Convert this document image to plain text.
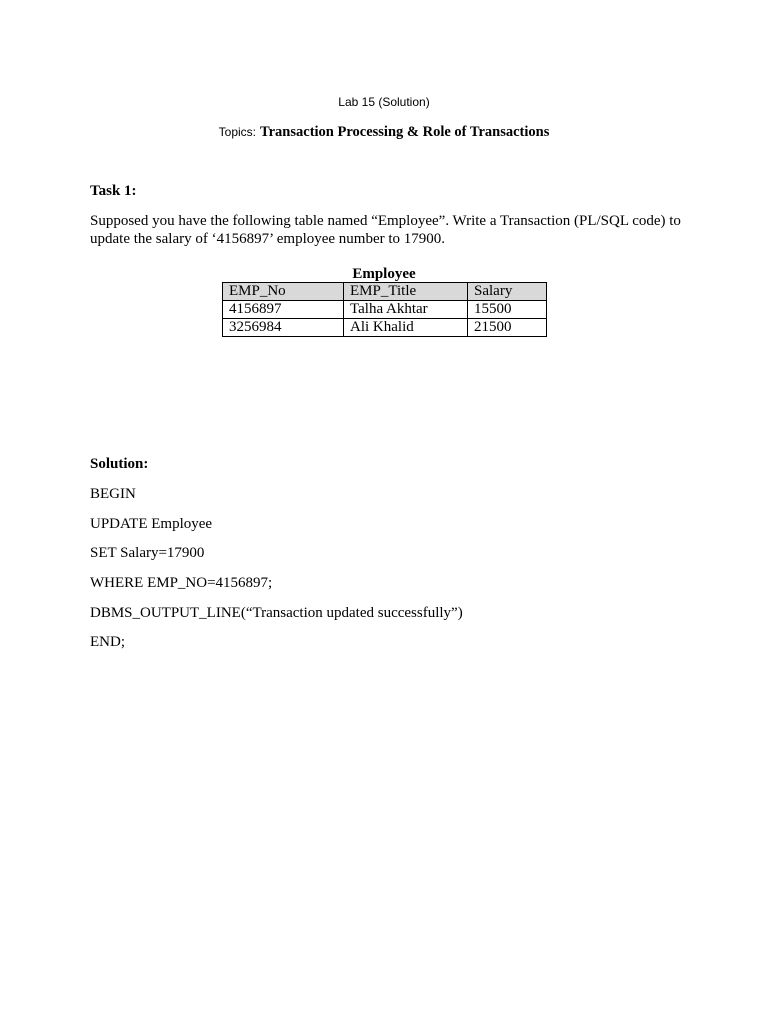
Lab 15 (Solution)
Topics: Transaction Processing & Role of Transactions
Task 1:
Supposed you have the following table named “Employee”. Write a Transaction (PL/SQL code) to update the salary of ‘4156897’ employee number to 17900.
Employee
EMP_No	EMP_Title	Salary
4156897	Talha Akhtar	15500
3256984	Ali Khalid	21500
Solution:
BEGIN
UPDATE Employee
SET Salary=17900
WHERE EMP_NO=4156897;
DBMS_OUTPUT_LINE(“Transaction updated successfully”)
END;
